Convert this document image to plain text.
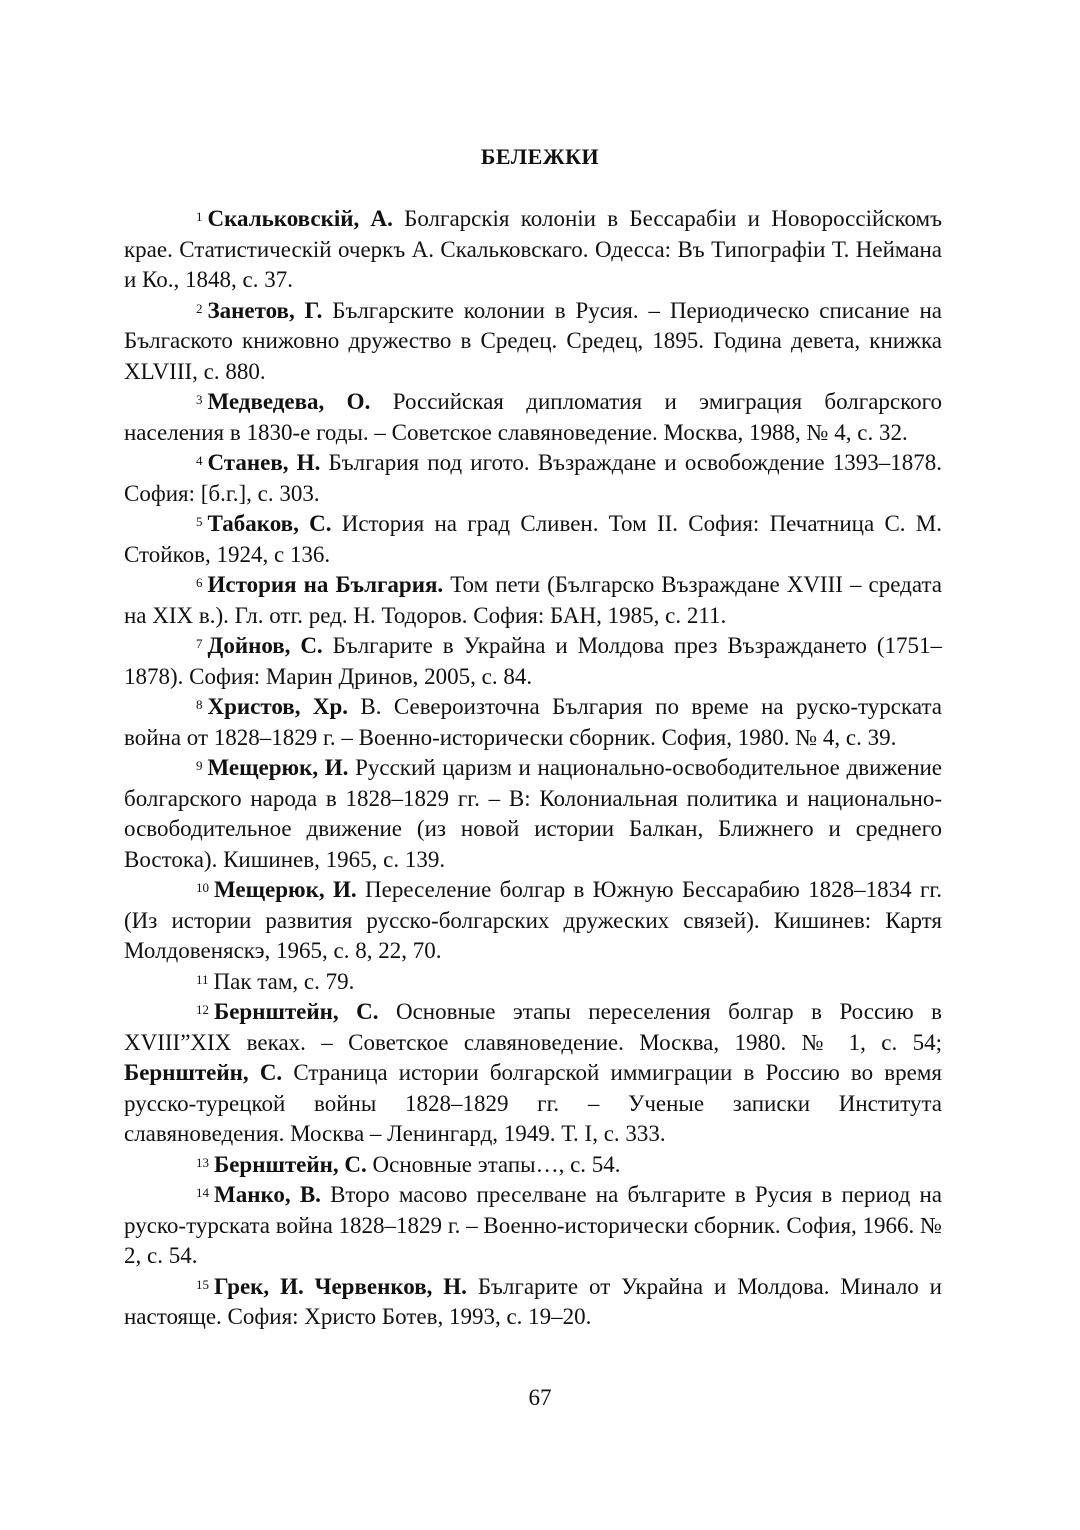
БЕЛЕЖКИ

$^1$ Скальковскій, А. Болгарскія колоніи в Бессарабіи и Новороссійскомъ крае. Статистическій очеркъ А. Скальковскаго. Одесса: Въ Типографіи Т. Неймана и Ко., 1848, с. 37.

$^2$ Занетов, Г. Българските колонии в Русия. – Периодическо списание на Бългаското книжовно дружество в Средец. Средец, 1895. Година девета, книжка XLVIII, с. 880.

$^3$ Медведева, О. Российская дипломатия и эмиграция болгарского населения в 1830-е годы. – Советское славяноведение. Москва, 1988, № 4, с. 32.

$^4$ Станев, Н. България под игото. Възраждане и освобождение 1393–1878. София: [б.г.], с. 303.

$^5$ Табаков, С. История на град Сливен. Том II. София: Печатница С. М. Стойков, 1924, с 136.

$^6$ История на България. Том пети (Българско Възраждане XVIII – средата на XIX в.). Гл. отг. ред. Н. Тодоров. София: БАН, 1985, с. 211.

$^7$ Дойнов, С. Българите в Украйна и Молдова през Възраждането (1751–1878). София: Марин Дринов, 2005, с. 84.

$^8$ Христов, Хр. В. Североизточна България по време на руско-турската война от 1828–1829 г. – Военно-исторически сборник. София, 1980. № 4, с. 39.

$^9$ Мещерюк, И. Русский царизм и национально-освободительное движение болгарского народа в 1828–1829 гг. – В: Колониальная политика и национально-освободительное движение (из новой истории Балкан, Ближнего и среднего Востока). Кишинев, 1965, с. 139.

$^{10}$ Мещерюк, И. Переселение болгар в Южную Бессарабию 1828–1834 гг. (Из истории развития русско-болгарских дружеских связей). Кишинев: Картя Молдовеняскэ, 1965, с. 8, 22, 70.

$^{11}$ Пак там, с. 79.

$^{12}$ Бернштейн, С. Основные этапы переселения болгар в Россию в XVIII”XIX веках. – Советское славяноведение. Москва, 1980. № 1, с. 54; Бернштейн, С. Страница истории болгарской иммиграции в Россию во время русско-турецкой войны 1828–1829 гг. – Ученые записки Института славяноведения. Москва – Ленингард, 1949. Т. I, с. 333.

$^{13}$ Бернштейн, С. Основные этапы…, с. 54.

$^{14}$ Манко, В. Второ масово преселване на българите в Русия в период на руско-турската война 1828–1829 г. – Военно-исторически сборник. София, 1966. № 2, с. 54.

$^{15}$ Грек, И. Червенков, Н. Българите от Украйна и Молдова. Минало и настояще. София: Христо Ботев, 1993, с. 19–20.

67
